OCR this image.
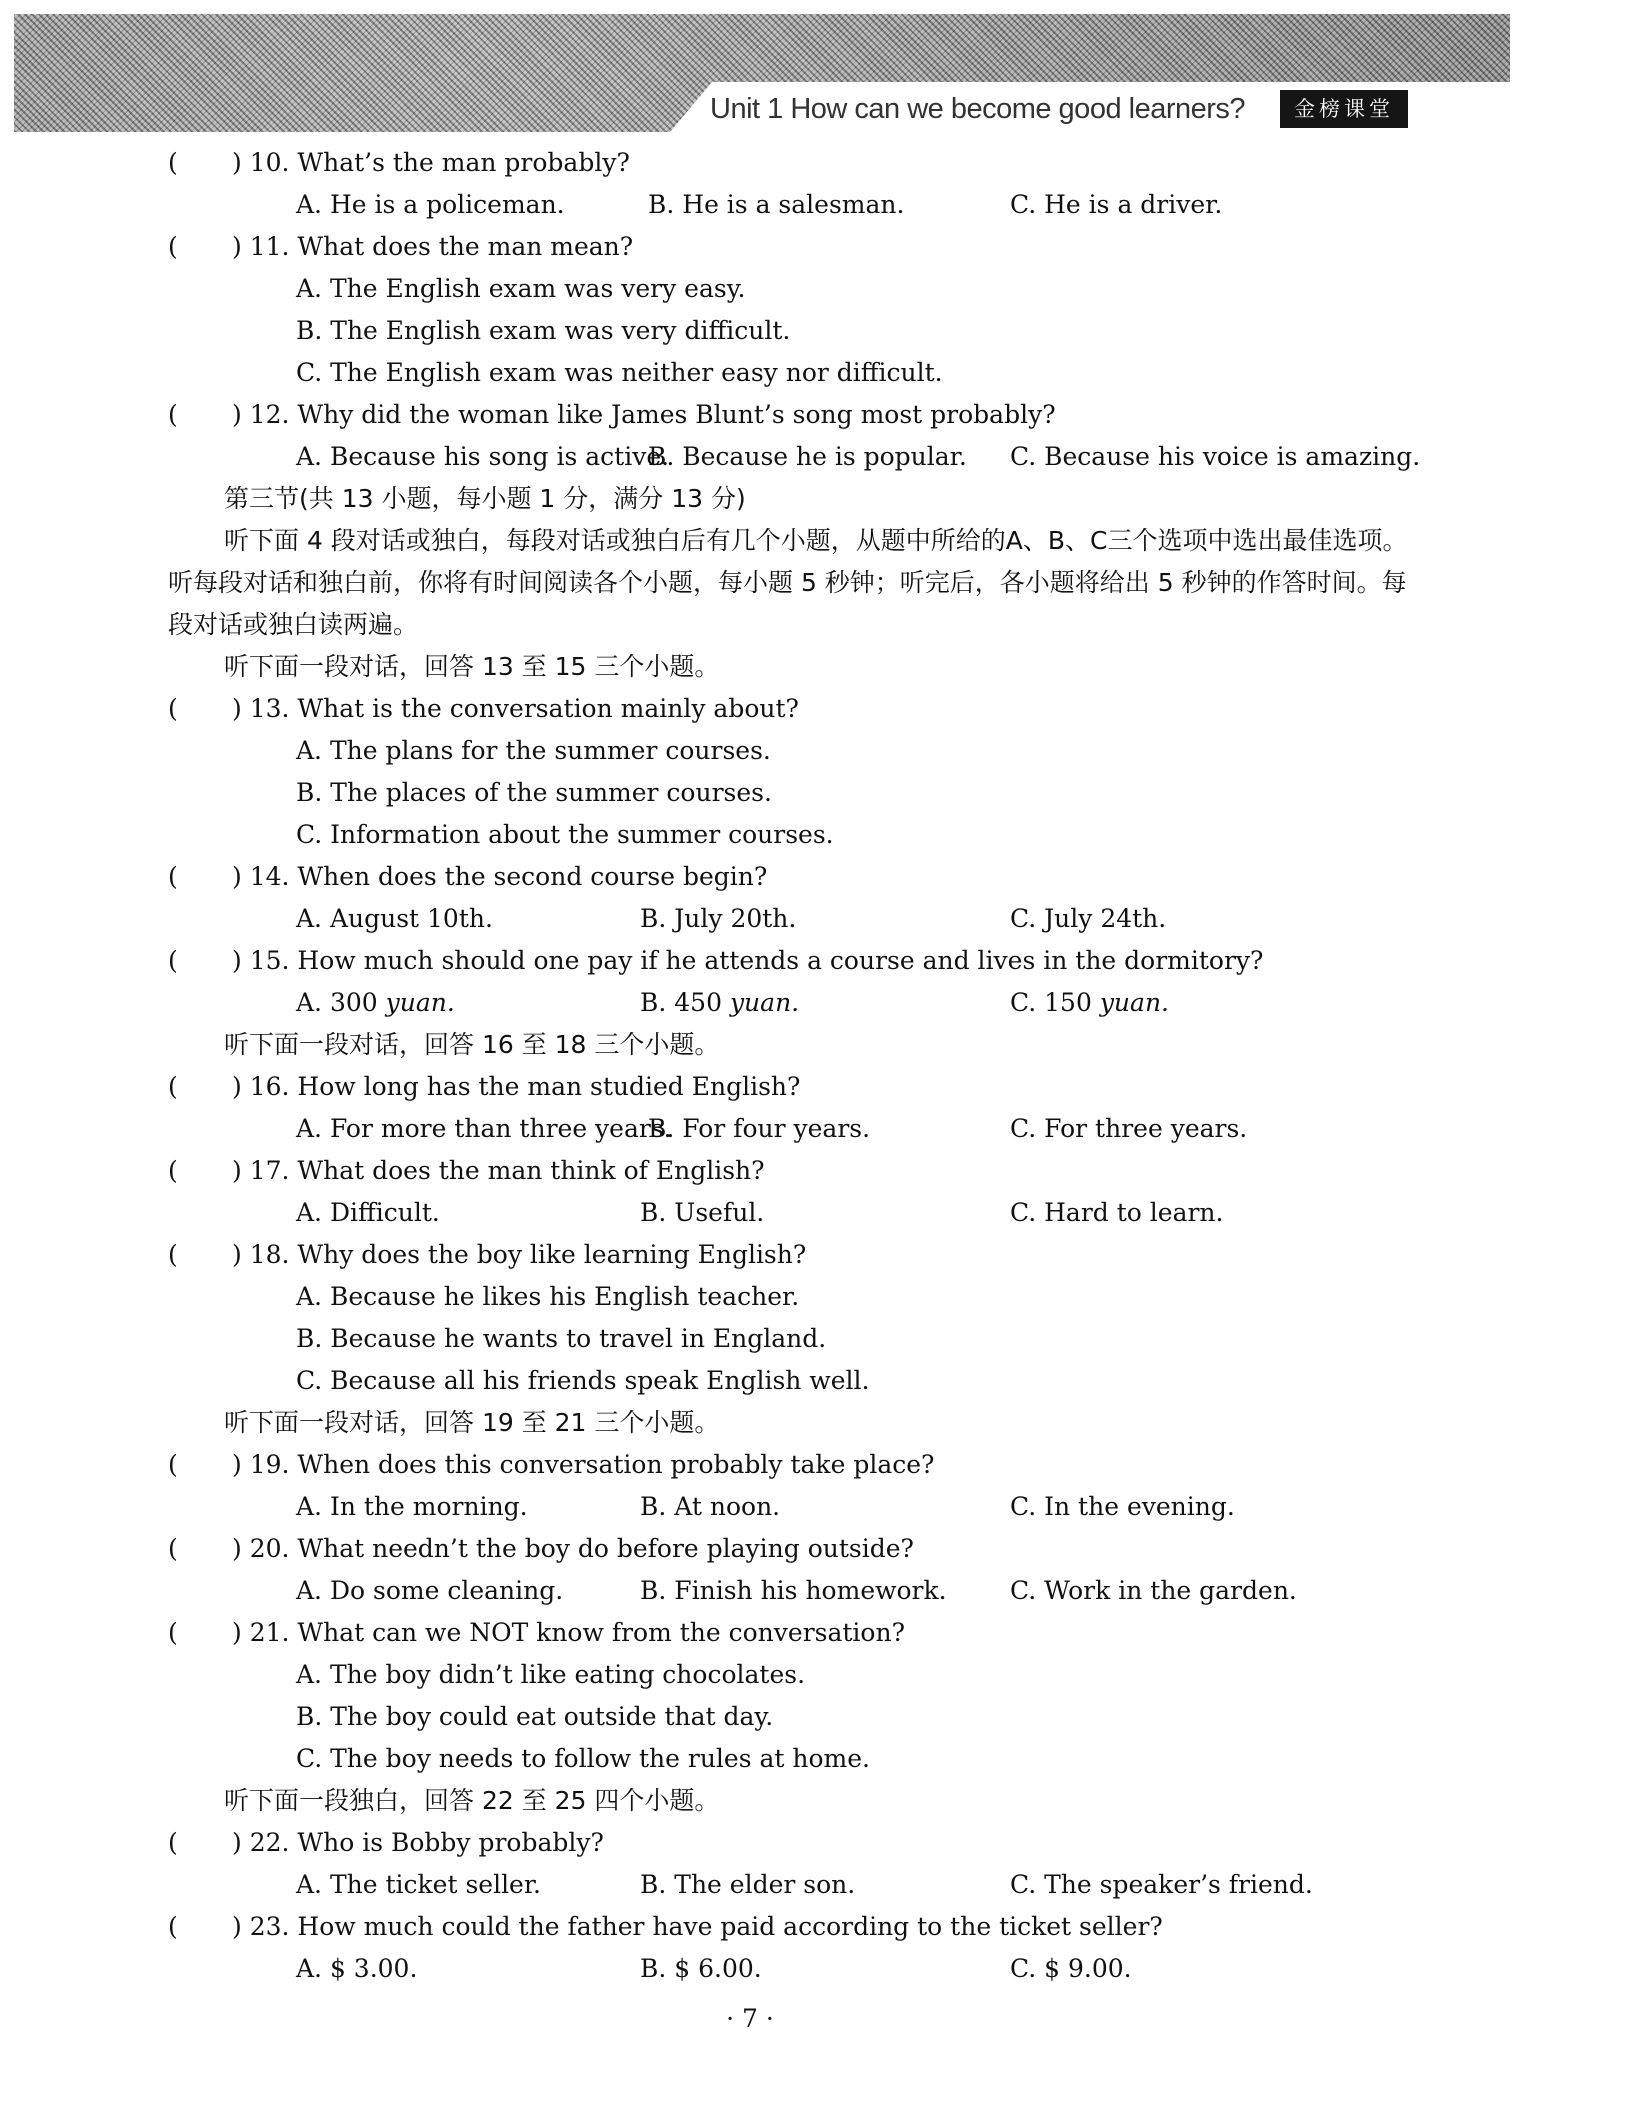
Unit 1 How can we become good learners?	金榜课堂
( ) 10. What’s the man probably?
A. He is a policeman.	B. He is a salesman.	C. He is a driver.
( ) 11. What does the man mean?
A. The English exam was very easy.
B. The English exam was very difficult.
C. The English exam was neither easy nor difficult.
( ) 12. Why did the woman like James Blunt’s song most probably?
A. Because his song is active.
B. Because he is popular. C. Because his voice is amazing.
第三节(共 13 小题，每小题 1 分，满分 13 分)
听下面 4 段对话或独白，每段对话或独白后有几个小题，从题中所给的A、B、C三个选项中选出最佳选项。听每段对话和独白前，你将有时间阅读各个小题，每小题 5 秒钟；听完后，各小题将给出 5 秒钟的作答时间。每段对话或独白读两遍。
听下面一段对话，回答 13 至 15 三个小题。
( ) 13. What is the conversation mainly about?
A. The plans for the summer courses.
B. The places of the summer courses.
C. Information about the summer courses.
( ) 14. When does the second course begin?
A. August 10th.	B. July 20th.	C. July 24th.
( ) 15. How much should one pay if he attends a course and lives in the dormitory?
A. 300 yuan.	B. 450 yuan.	C. 150 yuan.
听下面一段对话，回答 16 至 18 三个小题。
( ) 16. How long has the man studied English?
A. For more than three years.
B. For four years.	C. For three years.
( ) 17. What does the man think of English?
A. Difficult.	B. Useful.	C. Hard to learn.
( ) 18. Why does the boy like learning English?
A. Because he likes his English teacher.
B. Because he wants to travel in England.
C. Because all his friends speak English well.
听下面一段对话，回答 19 至 21 三个小题。
( ) 19. When does this conversation probably take place?
A. In the morning.	B. At noon.	C. In the evening.
( ) 20. What needn’t the boy do before playing outside?
A. Do some cleaning.	B. Finish his homework.	C. Work in the garden.
( ) 21. What can we NOT know from the conversation?
A. The boy didn’t like eating chocolates.
B. The boy could eat outside that day.
C. The boy needs to follow the rules at home.
听下面一段独白，回答 22 至 25 四个小题。
( ) 22. Who is Bobby probably?
A. The ticket seller.	B. The elder son.	C. The speaker’s friend.
( ) 23. How much could the father have paid according to the ticket seller?
A. $ 3.00.	B. $ 6.00.	C. $ 9.00.
· 7 ·
